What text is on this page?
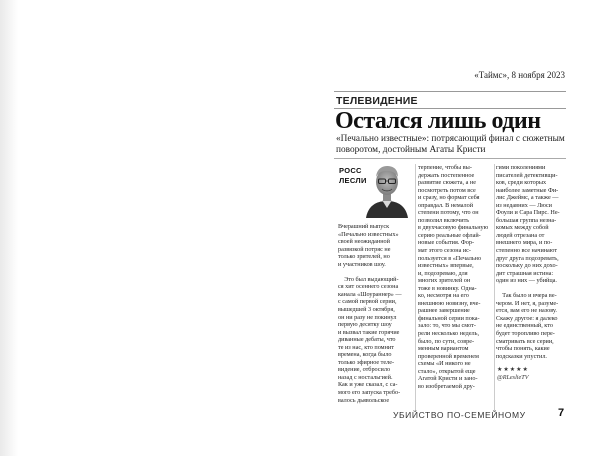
«Таймс», 8 ноября 2023
ТЕЛЕВИДЕНИЕ
Остался лишь один
«Печально известные»: потрясающий финал с сюжетным
поворотом, достойным Агаты Кристи
РОСС
ЛЕСЛИ
Вчерашний выпуск
«Печально известных»
своей неожиданной
развязкой потряс не
только зрителей, но
и участников шоу.

Это был выдающий-
ся хит осеннего сезона
канала «Шоураннер» —
с самой первой серии,
вышедшей 3 октября,
он ни разу не покинул
первую десятку шоу
и вызвал такие горячие
диванные дебаты, что
те из нас, кто помнит
времена, когда было
только эфирное теле-
видение, отбросило
назад с ностальгией.
Как и уже сказал, с са-
мого его запуска требо-
валось дьявольское
терпение, чтобы вы-
держать постепенное
развитие сюжета, а не
посмотреть потом все
и сразу, но формат себя
оправдал. В немалой
степени потому, что он
позволил включить
в двухчасовую финальную
серию реальные офлай-
новые события. Фор-
мат этого сезона ис-
пользуется в «Печально
известных» впервые,
и, подозреваю, для
многих зрителей он
тоже в новинку. Одна-
ко, несмотря на его
внешнюю новизну, вче-
рашнее завершение
финальной серии пока-
зало: то, что мы смот-
рели несколько недель,
было, по сути, совре-
менным вариантом
проверенной временем
схемы «И никого не
стало», открытой еще
Агатой Кристи и зано-
во изобретаемой дру-
гими поколениями
писателей детективщи-
ков, среди которых
наиболее заметные Фи-
лис Джеймс, а также —
из недавних — Люси
Фоули и Сара Пирс. Не-
большая группа незна-
комых между собой
людей отрезана от
внешнего мира, и по-
степенно все начинают
друг друга подозревать,
поскольку до них дохо-
дит страшная истина:
один из них — убийца.

Так было и вчера ве-
чером. И нет, я, разуме-
ется, вам его не назову.
Скажу другое: я далеко
не единственный, кто
будет торопливо пере-
сматривать все серии,
чтобы понять, какие
подсказки упустил.
★★★★★
@RLeslieTV
УБИЙСТВО ПО-СЕМЕЙНОМУ	7
